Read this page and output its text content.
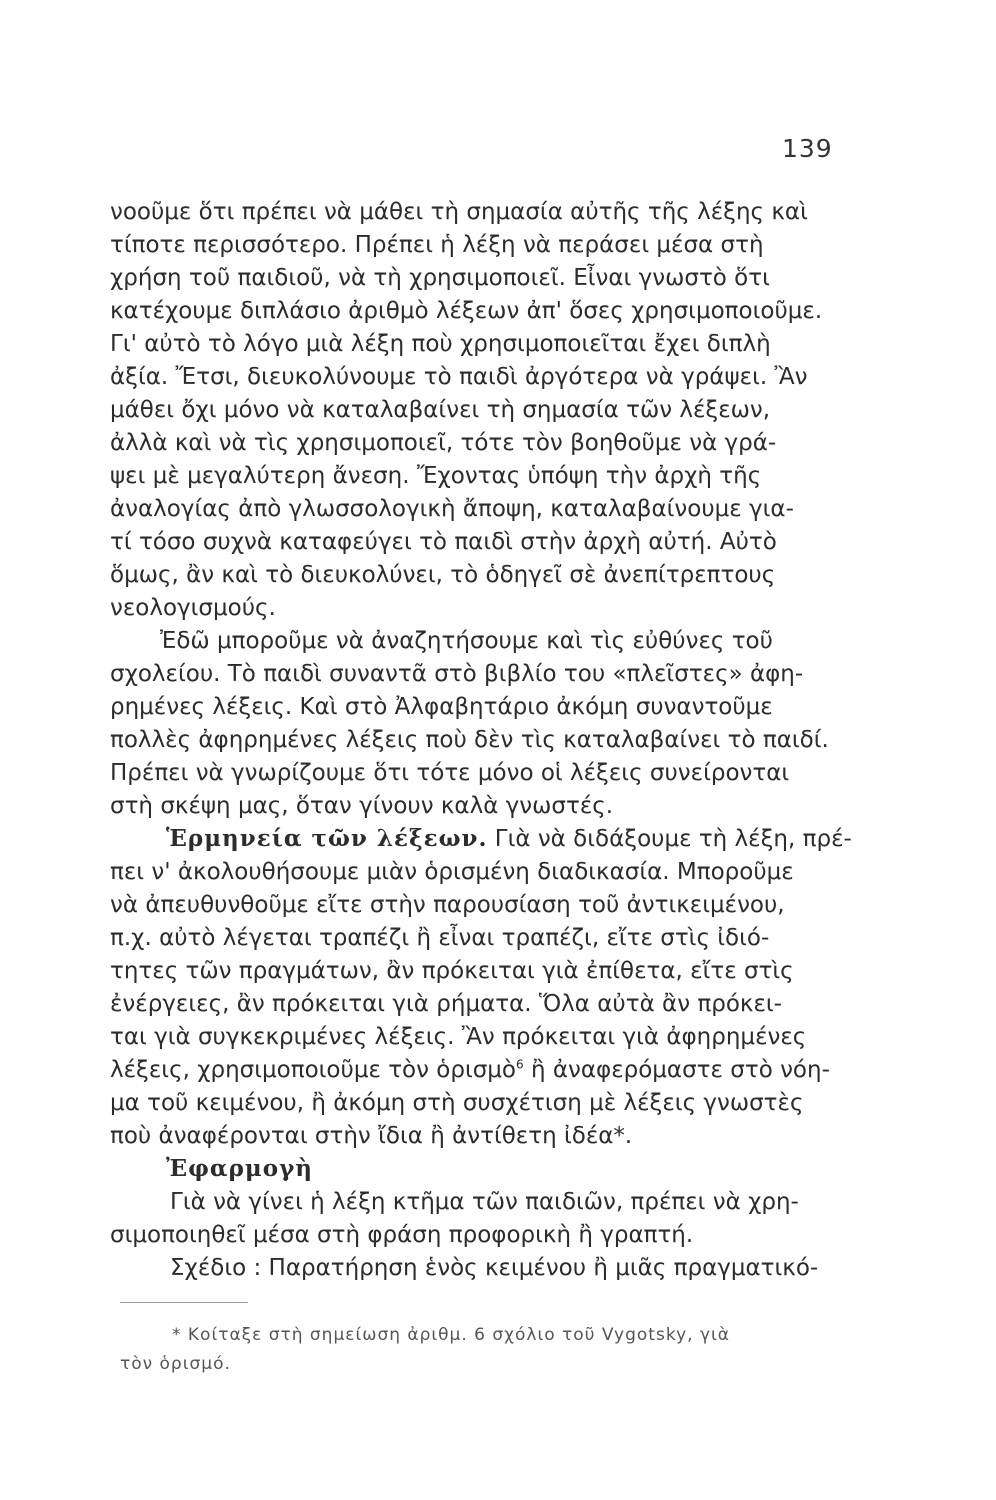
139
νοοῦμε ὅτι πρέπει νὰ μάθει τὴ σημασία αὐτῆς τῆς λέξης καὶ
τίποτε περισσότερο. Πρέπει ἡ λέξη νὰ περάσει μέσα στὴ
χρήση τοῦ παιδιοῦ, νὰ τὴ χρησιμοποιεῖ. Εἶναι γνωστὸ ὅτι
κατέχουμε διπλάσιο ἀριθμὸ λέξεων ἀπ' ὅσες χρησιμοποιοῦμε.
Γι' αὐτὸ τὸ λόγο μιὰ λέξη ποὺ χρησιμοποιεῖται ἔχει διπλὴ
ἀξία. Ἔτσι, διευκολύνουμε τὸ παιδὶ ἀργότερα νὰ γράψει. Ἂν
μάθει ὄχι μόνο νὰ καταλαβαίνει τὴ σημασία τῶν λέξεων,
ἀλλὰ καὶ νὰ τὶς χρησιμοποιεῖ, τότε τὸν βοηθοῦμε νὰ γρά-
ψει μὲ μεγαλύτερη ἄνεση. Ἔχοντας ὑπόψη τὴν ἀρχὴ τῆς
ἀναλογίας ἀπὸ γλωσσολογικὴ ἄποψη, καταλαβαίνουμε για-
τί τόσο συχνὰ καταφεύγει τὸ παιδὶ στὴν ἀρχὴ αὐτή. Αὐτὸ
ὅμως, ἂν καὶ τὸ διευκολύνει, τὸ ὁδηγεῖ σὲ ἀνεπίτρεπτους
νεολογισμούς.
Ἐδῶ μποροῦμε νὰ ἀναζητήσουμε καὶ τὶς εὐθύνες τοῦ
σχολείου. Τὸ παιδὶ συναντᾶ στὸ βιβλίο του «πλεῖστες» ἀφη-
ρημένες λέξεις. Καὶ στὸ Ἀλφαβητάριο ἀκόμη συναντοῦμε
πολλὲς ἀφηρημένες λέξεις ποὺ δὲν τὶς καταλαβαίνει τὸ παιδί.
Πρέπει νὰ γνωρίζουμε ὅτι τότε μόνο οἱ λέξεις συνείρονται
στὴ σκέψη μας, ὅταν γίνουν καλὰ γνωστές.
Ἑρμηνεία τῶν λέξεων. Γιὰ νὰ διδάξουμε τὴ λέξη, πρέ-
πει ν' ἀκολουθήσουμε μιὰν ὁρισμένη διαδικασία. Μποροῦμε
νὰ ἀπευθυνθοῦμε εἴτε στὴν παρουσίαση τοῦ ἀντικειμένου,
π.χ. αὐτὸ λέγεται τραπέζι ἢ εἶναι τραπέζι, εἴτε στὶς ἰδιό-
τητες τῶν πραγμάτων, ἂν πρόκειται γιὰ ἐπίθετα, εἴτε στὶς
ἐνέργειες, ἂν πρόκειται γιὰ ρήματα. Ὅλα αὐτὰ ἂν πρόκει-
ται γιὰ συγκεκριμένες λέξεις. Ἂν πρόκειται γιὰ ἀφηρημένες
λέξεις, χρησιμοποιοῦμε τὸν ὁρισμὸ$^6$ ἢ ἀναφερόμαστε στὸ νόη-
μα τοῦ κειμένου, ἢ ἀκόμη στὴ συσχέτιση μὲ λέξεις γνωστὲς
ποὺ ἀναφέρονται στὴν ἴδια ἢ ἀντίθετη ἰδέα*.
Ἐφαρμογὴ
Γιὰ νὰ γίνει ἡ λέξη κτῆμα τῶν παιδιῶν, πρέπει νὰ χρη-
σιμοποιηθεῖ μέσα στὴ φράση προφορικὴ ἢ γραπτή.
Σχέδιο : Παρατήρηση ἑνὸς κειμένου ἢ μιᾶς πραγματικό-
* Κοίταξε στὴ σημείωση ἀριθμ. 6 σχόλιο τοῦ Vygotsky, γιὰ
τὸν ὁρισμό.
